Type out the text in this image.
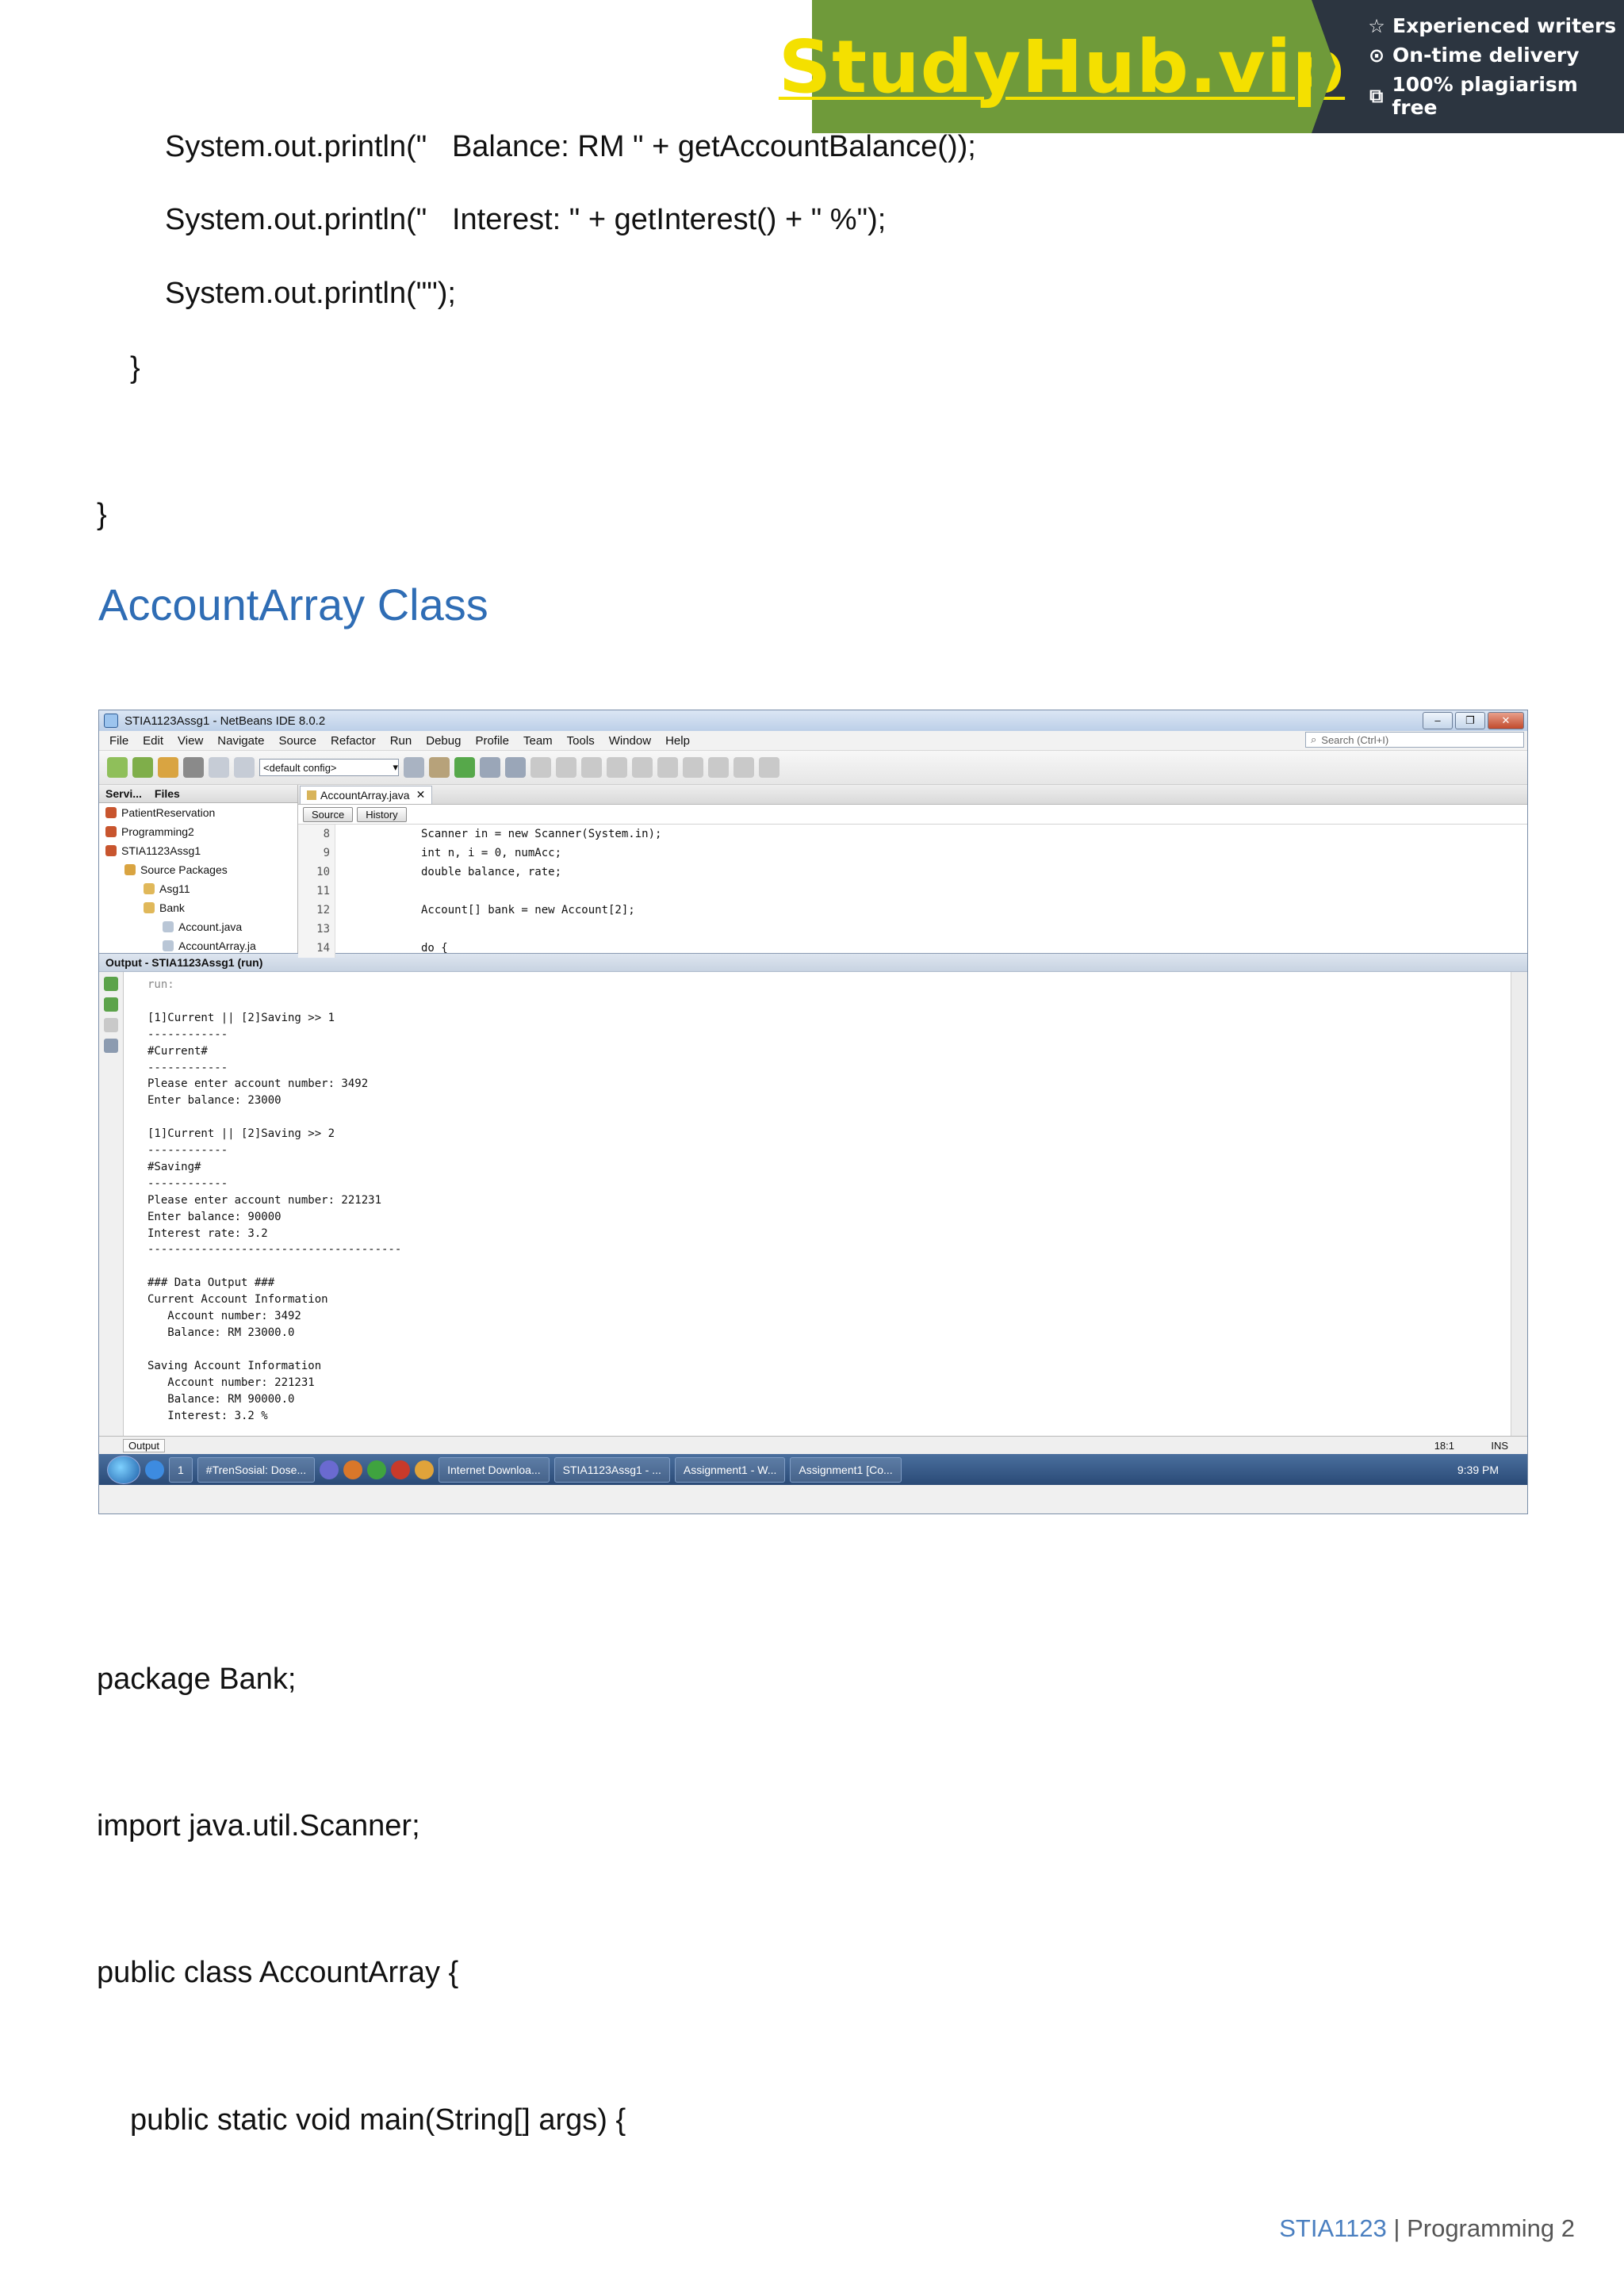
StudyHub.vip ☆ Experienced writers
⊙ On-time delivery
⧉ 100% plagiarism free
System.out.println("   Balance: RM " + getAccountBalance());
System.out.println("   Interest: " + getInterest() + " %");
System.out.println("");
}
}
AccountArray Class
STIA1123Assg1 - NetBeans IDE 8.0.2	–	❐	✕
File	Edit	View	Navigate	Source	Refactor	Run	Debug	Profile	Team	Tools	Window	Help	⌕ Search (Ctrl+I)
<default config>	▾
Servi...	Files
PatientReservation
Programming2
STIA1123Assg1
Source Packages
Asg11
Bank
Account.java
AccountArray.ja
AccountArray.java ✕
Source	History
8
9
10
11
12
13
14
Scanner in = new Scanner(System.in);
int n, i = 0, numAcc;
double balance, rate;
Account[] bank = new Account[2];
do {
Output - STIA1123Assg1 (run)
run:
[1]Current || [2]Saving >> 1
------------
#Current#
------------
Please enter account number: 3492
Enter balance: 23000
[1]Current || [2]Saving >> 2
------------
#Saving#
------------
Please enter account number: 221231
Enter balance: 90000
Interest rate: 3.2
--------------------------------------
### Data Output ###
Current Account Information
Account number: 3492
Balance: RM 23000.0
Saving Account Information
Account number: 221231
Balance: RM 90000.0
Interest: 3.2 %
Output	18:1	INS
1	#TrenSosial: Dose...	Internet Downloa...	STIA1123Assg1 - ...	Assignment1 - W...	Assignment1 [Co...	9:39 PM
package Bank;
import java.util.Scanner;
public class AccountArray {
public static void main(String[] args) {
STIA1123 | Programming 2
